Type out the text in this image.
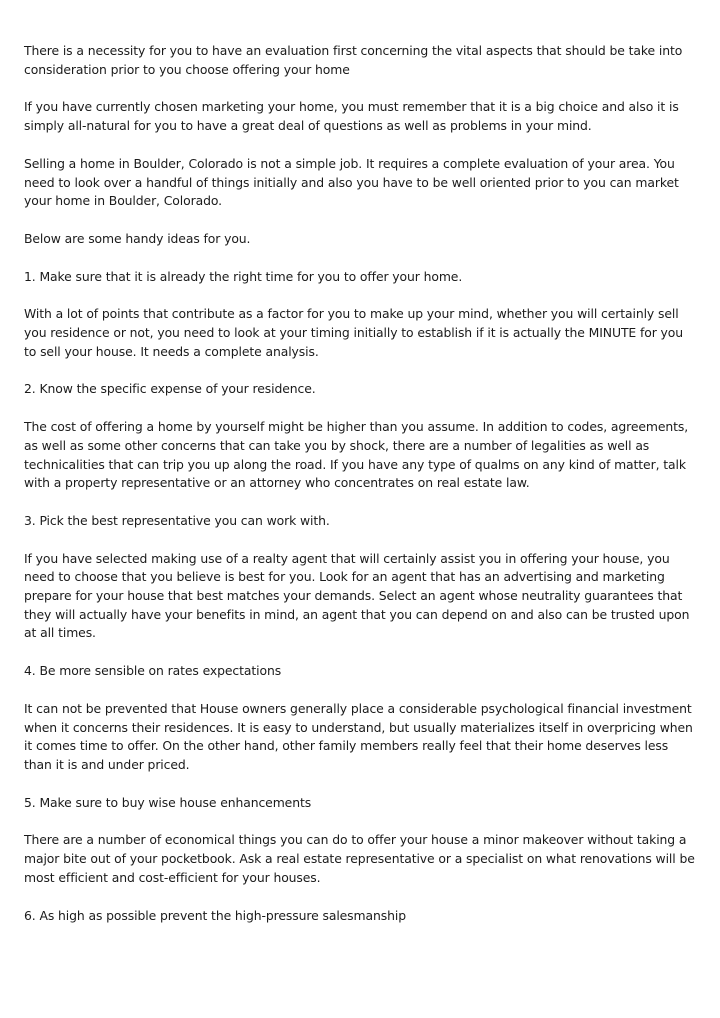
There is a necessity for you to have an evaluation first concerning the vital aspects that should be take into consideration prior to you choose offering your home

If you have currently chosen marketing your home, you must remember that it is a big choice and also it is simply all-natural for you to have a great deal of questions as well as problems in your mind.

Selling a home in Boulder, Colorado is not a simple job. It requires a complete evaluation of your area. You need to look over a handful of things initially and also you have to be well oriented prior to you can market your home in Boulder, Colorado.

Below are some handy ideas for you.

1. Make sure that it is already the right time for you to offer your home.

With a lot of points that contribute as a factor for you to make up your mind, whether you will certainly sell you residence or not, you need to look at your timing initially to establish if it is actually the MINUTE for you to sell your house. It needs a complete analysis.

2. Know the specific expense of your residence.

The cost of offering a home by yourself might be higher than you assume. In addition to codes, agreements, as well as some other concerns that can take you by shock, there are a number of legalities as well as technicalities that can trip you up along the road. If you have any type of qualms on any kind of matter, talk with a property representative or an attorney who concentrates on real estate law.

3. Pick the best representative you can work with.

If you have selected making use of a realty agent that will certainly assist you in offering your house, you need to choose that you believe is best for you. Look for an agent that has an advertising and marketing prepare for your house that best matches your demands. Select an agent whose neutrality guarantees that they will actually have your benefits in mind, an agent that you can depend on and also can be trusted upon at all times.

4. Be more sensible on rates expectations

It can not be prevented that House owners generally place a considerable psychological financial investment when it concerns their residences. It is easy to understand, but usually materializes itself in overpricing when it comes time to offer. On the other hand, other family members really feel that their home deserves less than it is and under priced.

5. Make sure to buy wise house enhancements

There are a number of economical things you can do to offer your house a minor makeover without taking a major bite out of your pocketbook. Ask a real estate representative or a specialist on what renovations will be most efficient and cost-efficient for your houses.

6. As high as possible prevent the high-pressure salesmanship
